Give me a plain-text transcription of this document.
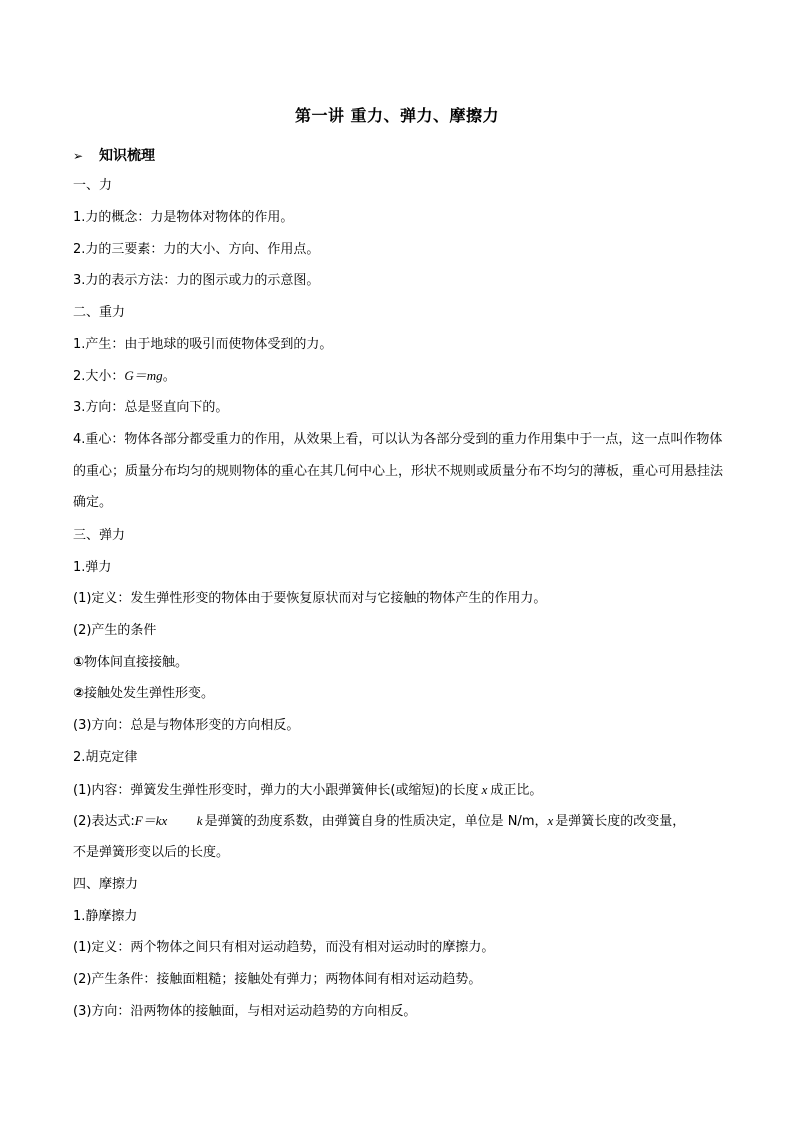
第一讲 重力、弹力、摩擦力
➢ 知识梳理
一、力
1.力的概念：力是物体对物体的作用。
2.力的三要素：力的大小、方向、作用点。
3.力的表示方法：力的图示或力的示意图。
二、重力
1.产生：由于地球的吸引而使物体受到的力。
2.大小：G＝mg。
3.方向：总是竖直向下的。
4.重心：物体各部分都受重力的作用，从效果上看，可以认为各部分受到的重力作用集中于一点，这一点叫作物体的重心；质量分布均匀的规则物体的重心在其几何中心上，形状不规则或质量分布不均匀的薄板，重心可用悬挂法确定。
三、弹力
1.弹力
(1)定义：发生弹性形变的物体由于要恢复原状而对与它接触的物体产生的作用力。
(2)产生的条件
①物体间直接接触。
②接触处发生弹性形变。
(3)方向：总是与物体形变的方向相反。
2.胡克定律
(1)内容：弹簧发生弹性形变时，弹力的大小跟弹簧伸长(或缩短)的长度 x 成正比。
(2)表达式:F＝kx k 是弹簧的劲度系数，由弹簧自身的性质决定，单位是 N/m，x 是弹簧长度的改变量，
不是弹簧形变以后的长度。
四、摩擦力
1.静摩擦力
(1)定义：两个物体之间只有相对运动趋势，而没有相对运动时的摩擦力。
(2)产生条件：接触面粗糙；接触处有弹力；两物体间有相对运动趋势。
(3)方向：沿两物体的接触面，与相对运动趋势的方向相反。
